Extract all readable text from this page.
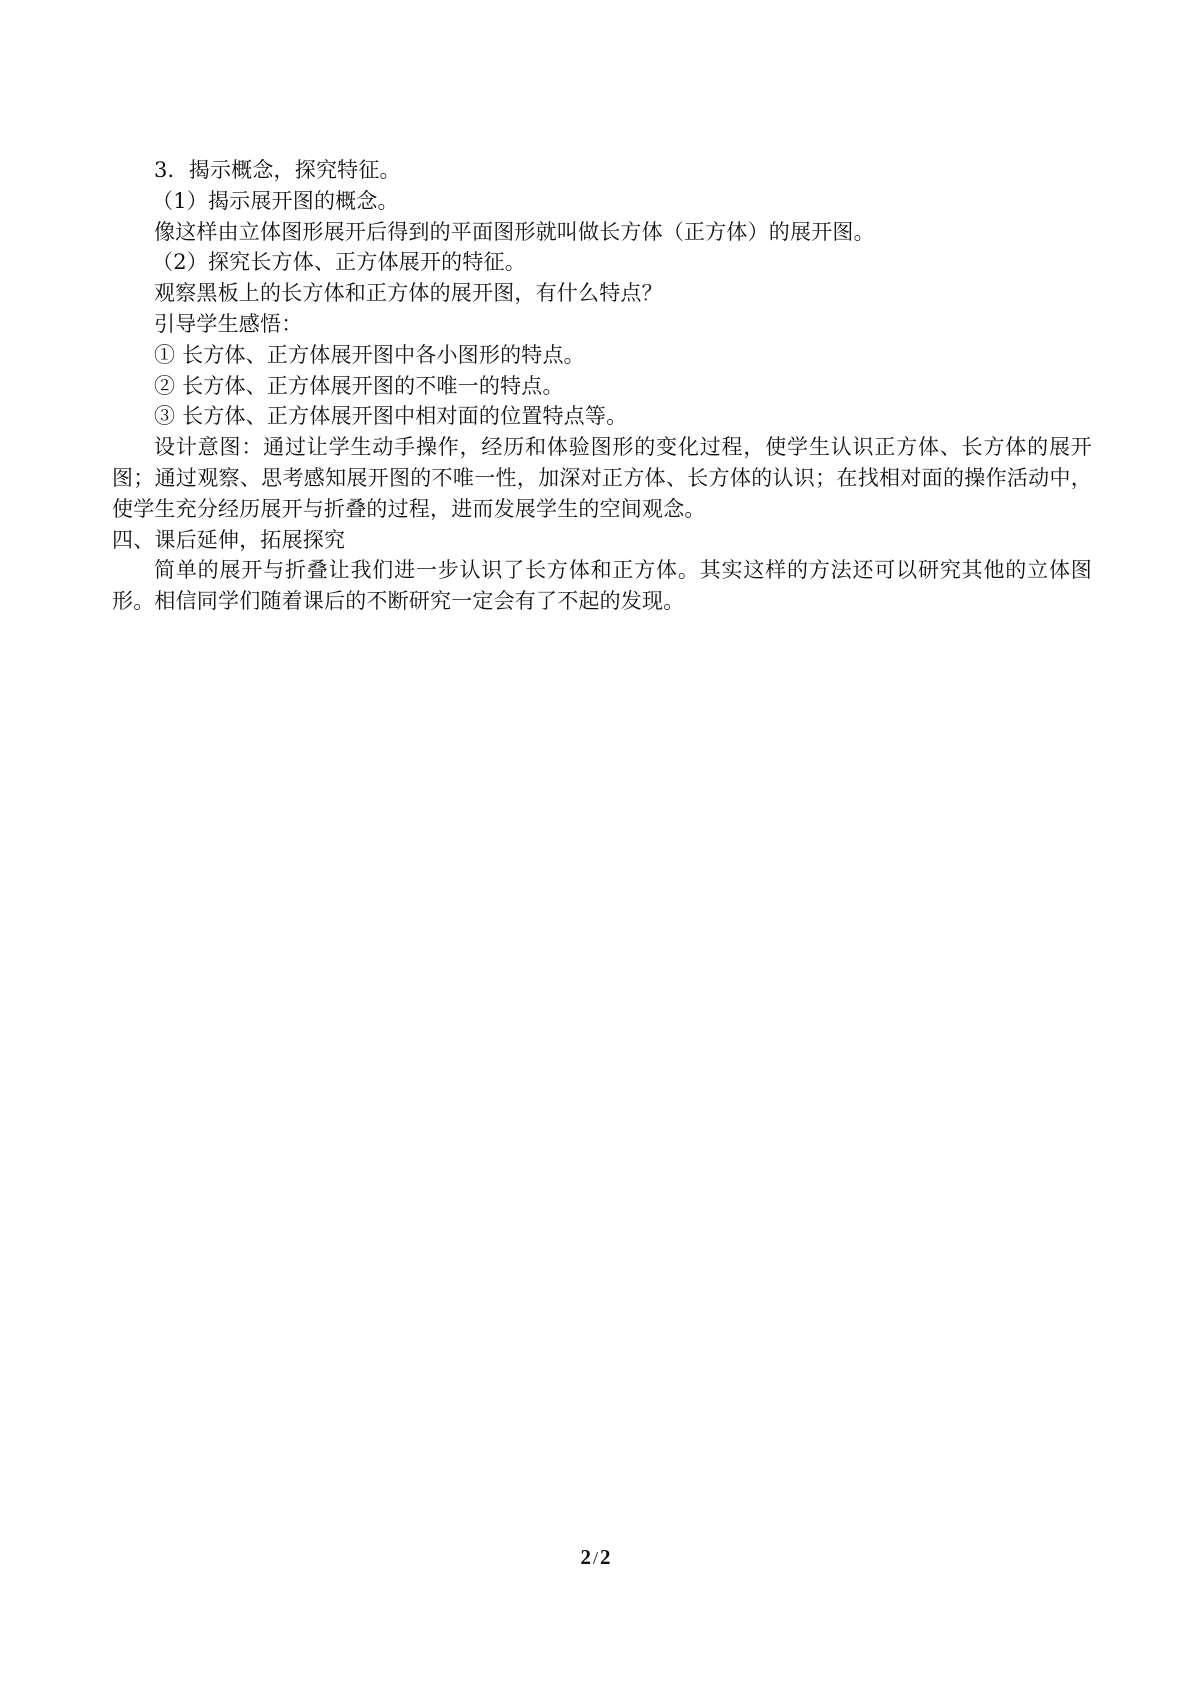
3．揭示概念，探究特征。

（1）揭示展开图的概念。

像这样由立体图形展开后得到的平面图形就叫做长方体（正方体）的展开图。

（2）探究长方体、正方体展开的特征。

观察黑板上的长方体和正方体的展开图，有什么特点？

引导学生感悟：

① 长方体、正方体展开图中各小图形的特点。

② 长方体、正方体展开图的不唯一的特点。

③ 长方体、正方体展开图中相对面的位置特点等。

设计意图：通过让学生动手操作，经历和体验图形的变化过程，使学生认识正方体、长方体的展开图；通过观察、思考感知展开图的不唯一性，加深对正方体、长方体的认识；在找相对面的操作活动中，使学生充分经历展开与折叠的过程，进而发展学生的空间观念。

四、课后延伸，拓展探究

简单的展开与折叠让我们进一步认识了长方体和正方体。其实这样的方法还可以研究其他的立体图形。相信同学们随着课后的不断研究一定会有了不起的发现。

2 /2
